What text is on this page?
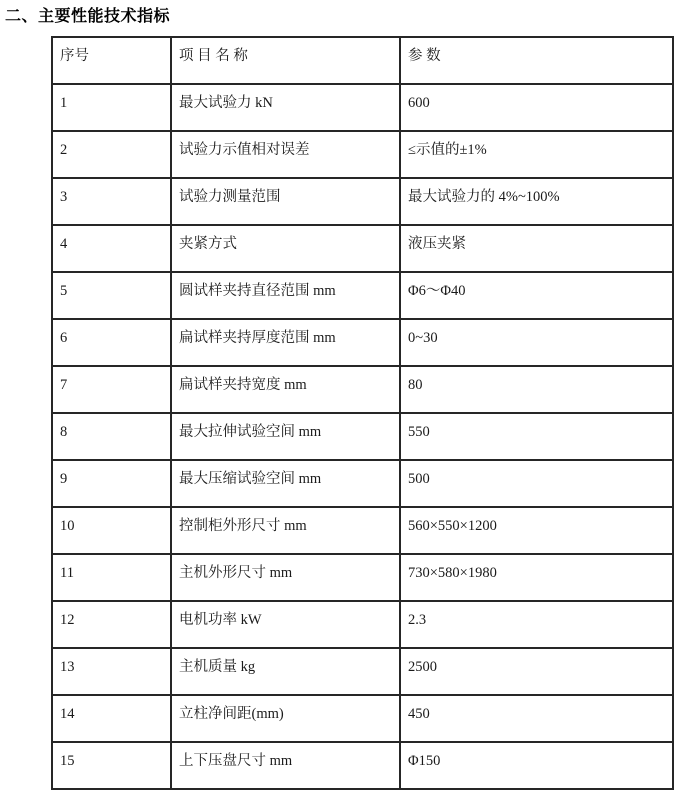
二、主要性能技术指标
序号	项 目 名 称	参 数
1	最大试验力 kN	600
2	试验力示值相对误差	≤示值的±1%
3	试验力测量范围	最大试验力的 4%~100%
4	夹紧方式	液压夹紧
5	圆试样夹持直径范围 mm	Φ6～Φ40
6	扁试样夹持厚度范围 mm	0~30
7	扁试样夹持宽度 mm	80
8	最大拉伸试验空间 mm	550
9	最大压缩试验空间 mm	500
10	控制柜外形尺寸 mm	560×550×1200
11	主机外形尺寸 mm	730×580×1980
12	电机功率 kW	2.3
13	主机质量 kg	2500
14	立柱净间距(mm)	450
15	上下压盘尺寸 mm	Φ150
